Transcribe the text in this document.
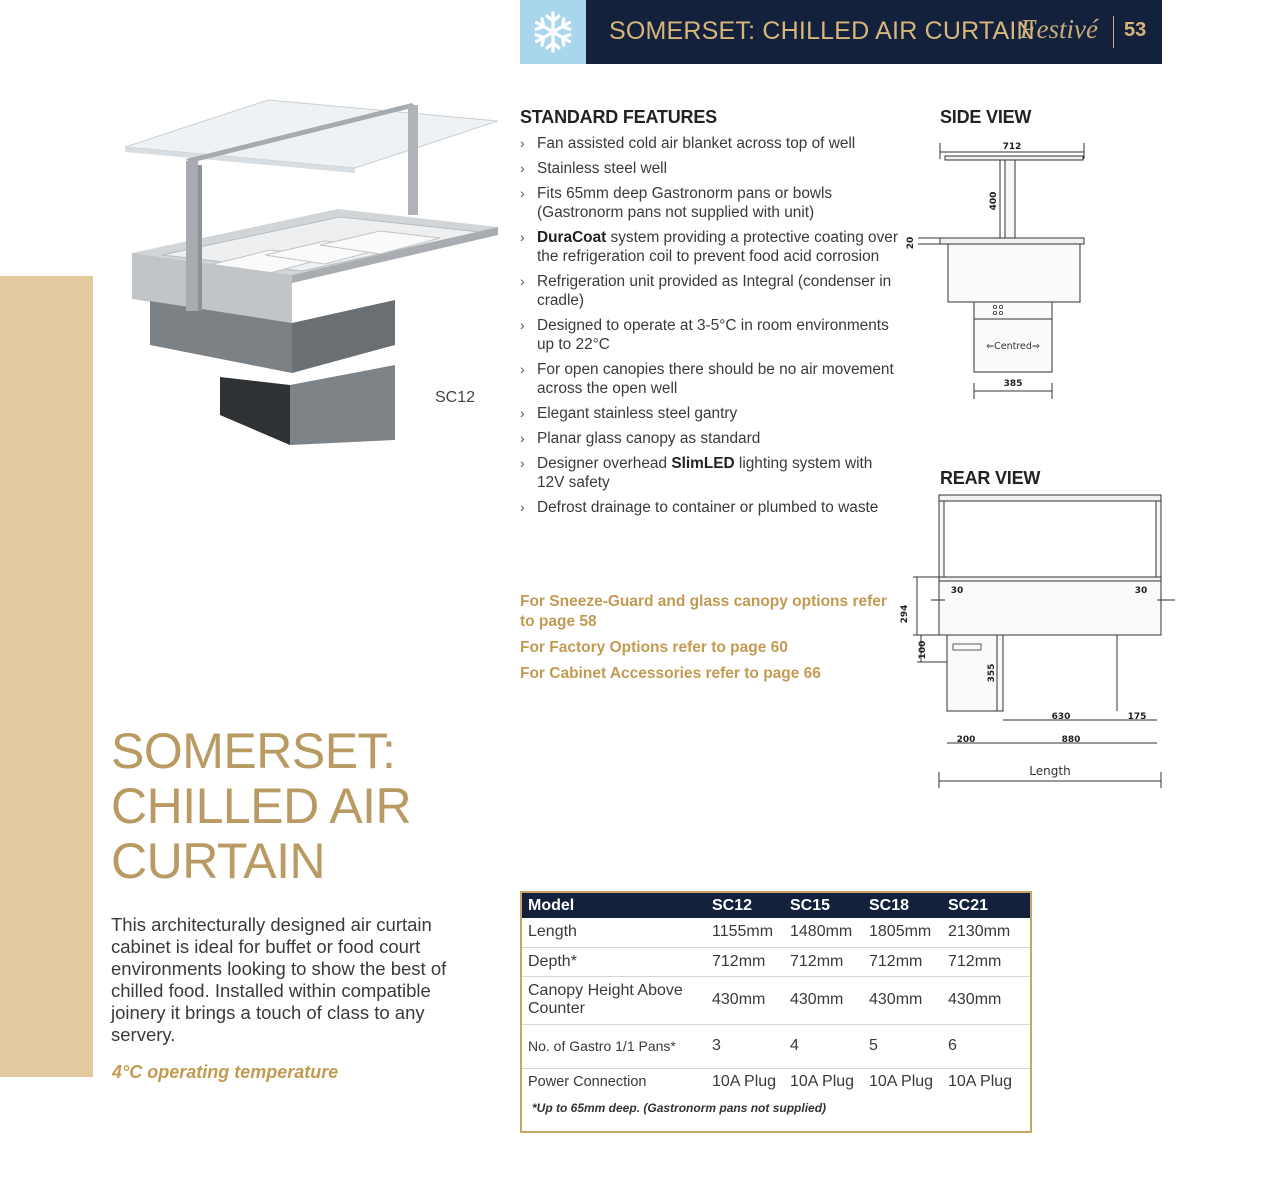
SOMERSET: CHILLED AIR CURTAIN
Festivé 53
SC12
STANDARD FEATURES
› Fan assisted cold air blanket across top of well
› Stainless steel well
› Fits 65mm deep Gastronorm pans or bowls (Gastronorm pans not supplied with unit)
› DuraCoat system providing a protective coating over the refrigeration coil to prevent food acid corrosion
› Refrigeration unit provided as Integral (condenser in cradle)
› Designed to operate at 3-5°C in room environments up to 22°C
› For open canopies there should be no air movement across the open well
› Elegant stainless steel gantry
› Planar glass canopy as standard
› Designer overhead SlimLED lighting system with 12V safety
› Defrost drainage to container or plumbed to waste
For Sneeze-Guard and glass canopy options refer to page 58
For Factory Options refer to page 60
For Cabinet Accessories refer to page 66
SIDE VIEW
712
400
20
⇐Centred⇒
385
REAR VIEW
30	30
294
100
355
630	175
200	880
Length
SOMERSET:
CHILLED AIR
CURTAIN
This architecturally designed air curtain cabinet is ideal for buffet or food court environments looking to show the best of chilled food. Installed within compatible joinery it brings a touch of class to any servery.
4°C operating temperature
Model	SC12	SC15	SC18	SC21
Length	1155mm	1480mm	1805mm	2130mm
Depth*	712mm	712mm	712mm	712mm
Canopy Height Above Counter	430mm	430mm	430mm	430mm
No. of Gastro 1/1 Pans*	3	4	5	6
Power Connection	10A Plug	10A Plug	10A Plug	10A Plug
*Up to 65mm deep. (Gastronorm pans not supplied)
